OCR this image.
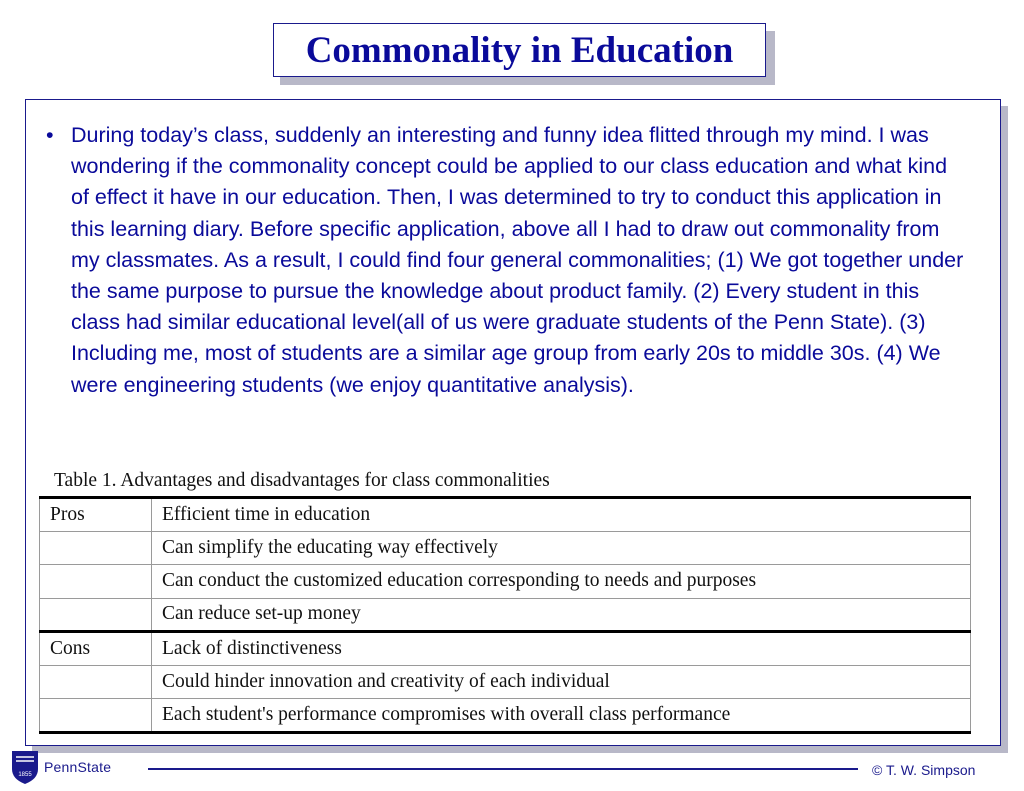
Commonality in Education
• During today’s class, suddenly an interesting and funny idea flitted through my mind. I was wondering if the commonality concept could be applied to our class education and what kind of effect it have in our education. Then, I was determined to try to conduct this application in this learning diary. Before specific application, above all I had to draw out commonality from my classmates. As a result, I could find four general commonalities; (1) We got together under the same purpose to pursue the knowledge about product family. (2) Every student in this class had similar educational level(all of us were graduate students of the Penn State). (3) Including me, most of students are a similar age group from early 20s to middle 30s. (4) We were engineering students (we enjoy quantitative analysis).
Table 1. Advantages and disadvantages for class commonalities
Pros	Efficient time in education
	Can simplify the educating way effectively
	Can conduct the customized education corresponding to needs and purposes
	Can reduce set-up money
Cons	Lack of distinctiveness
	Could hinder innovation and creativity of each individual
	Each student's performance compromises with overall class performance
1855 PennState	© T. W. Simpson
